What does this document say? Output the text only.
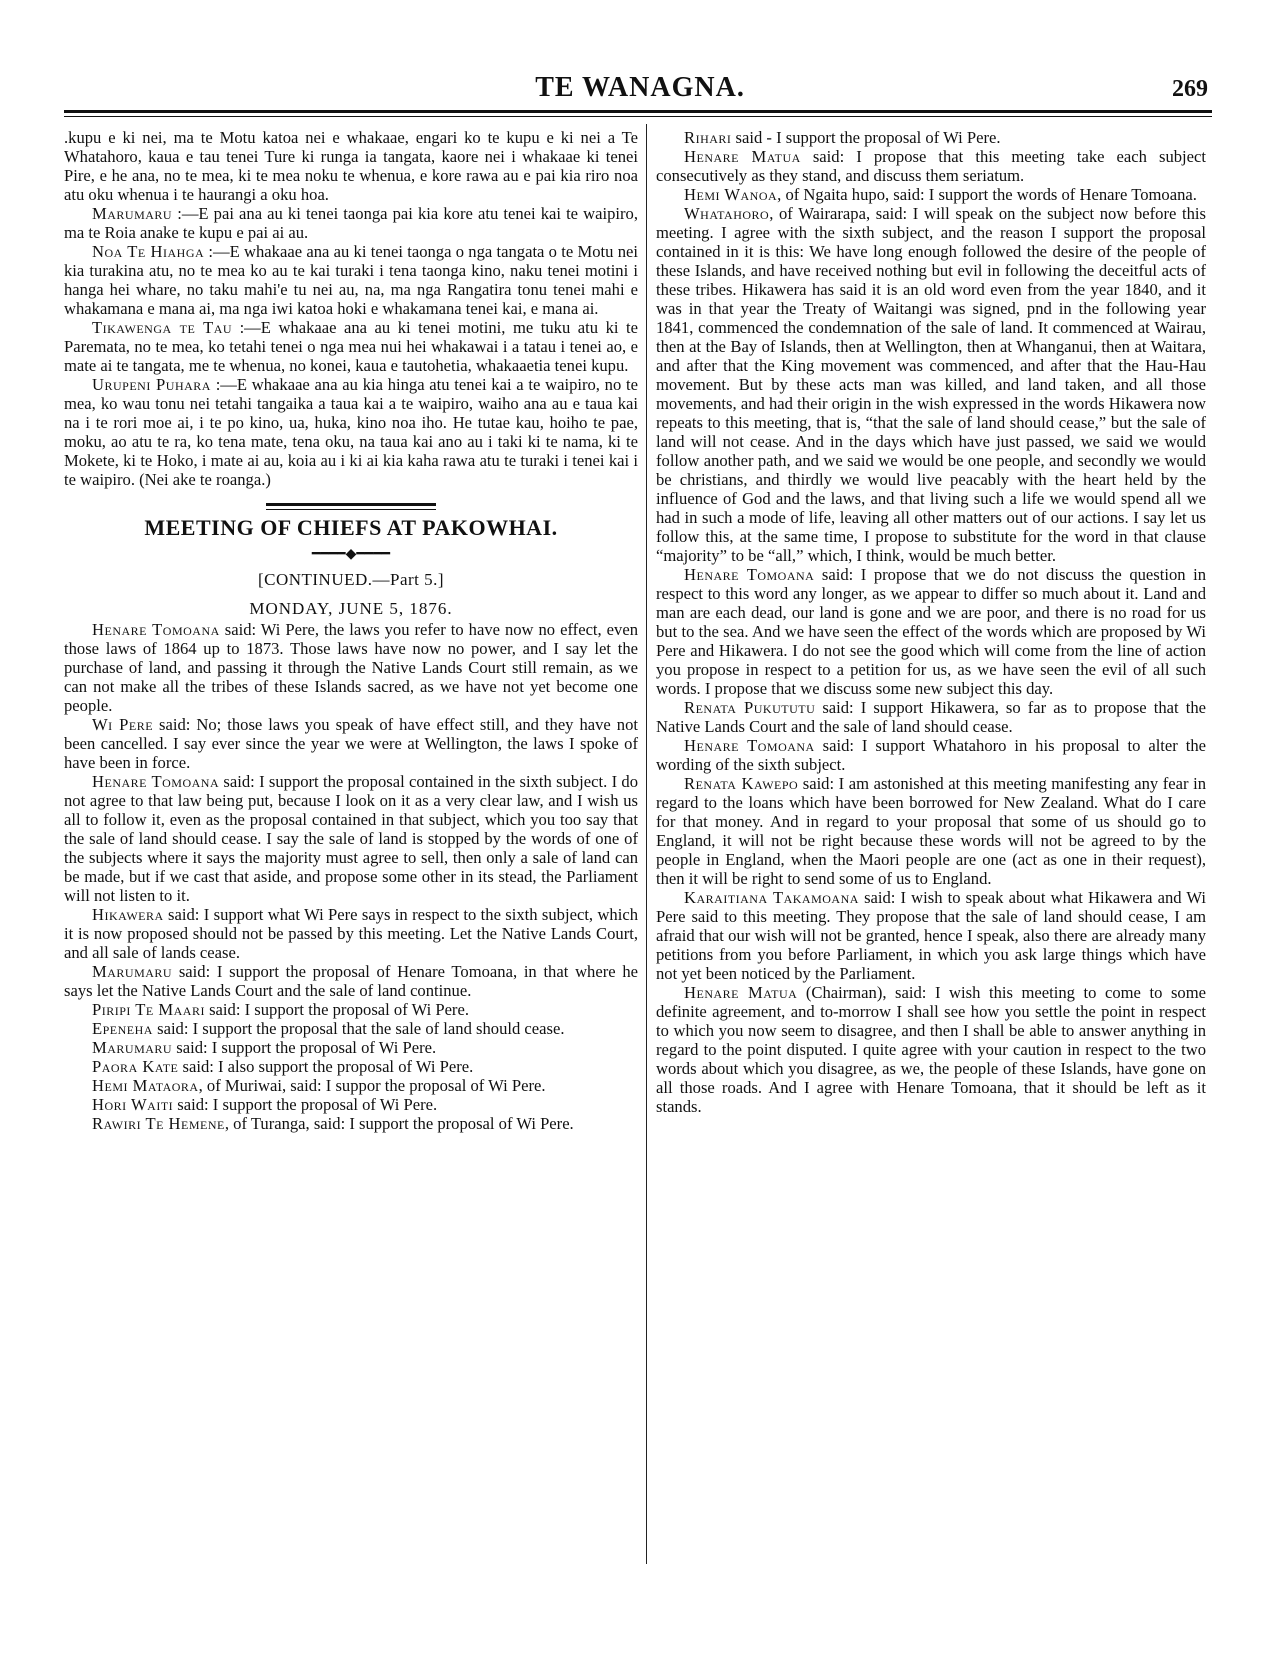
TE WANAGNA.	269

.kupu e ki nei, ma te Motu katoa nei e whakaae, engari ko te kupu e ki nei a Te Whatahoro, kaua e tau tenei Ture ki runga ia tangata, kaore nei i whakaae ki tenei Pire, e he ana, no te mea, ki te mea noku te whenua, e kore rawa au e pai kia riro noa atu oku whenua i te haurangi a oku hoa.

Marumaru :—E pai ana au ki tenei taonga pai kia kore atu tenei kai te waipiro, ma te Roia anake te kupu e pai ai au.

Noa Te Hiahga :—E whakaae ana au ki tenei taonga o nga tangata o te Motu nei kia turakina atu, no te mea ko au te kai turaki i tena taonga kino, naku tenei motini i hanga hei whare, no taku mahi'e tu nei au, na, ma nga Rangatira tonu tenei mahi e whakamana e mana ai, ma nga iwi katoa hoki e whakamana tenei kai, e mana ai.

Tikawenga te Tau :—E whakaae ana au ki tenei motini, me tuku atu ki te Paremata, no te mea, ko tetahi tenei o nga mea nui hei whakawai i a tatau i tenei ao, e mate ai te tangata, me te whenua, no konei, kaua e tautohetia, whakaaetia tenei kupu.

Urupeni Puhara :—E whakaae ana au kia hinga atu tenei kai a te waipiro, no te mea, ko wau tonu nei tetahi tangaika a taua kai a te waipiro, waiho ana au e taua kai na i te rori moe ai, i te po kino, ua, huka, kino noa iho. He tutae kau, hoiho te pae, moku, ao atu te ra, ko tena mate, tena oku, na taua kai ano au i taki ki te nama, ki te Mokete, ki te Hoko, i mate ai au, koia au i ki ai kia kaha rawa atu te turaki i tenei kai i te waipiro. (Nei ake te roanga.)

MEETING OF CHIEFS AT PAKOWHAI.
━━━━◆━━━━
[CONTINUED.—Part 5.]
MONDAY, JUNE 5, 1876.

Henare Tomoana said: Wi Pere, the laws you refer to have now no effect, even those laws of 1864 up to 1873. Those laws have now no power, and I say let the purchase of land, and passing it through the Native Lands Court still remain, as we can not make all the tribes of these Islands sacred, as we have not yet become one people.

Wi Pere said: No; those laws you speak of have effect still, and they have not been cancelled. I say ever since the year we were at Wellington, the laws I spoke of have been in force.

Henare Tomoana said: I support the proposal contained in the sixth subject. I do not agree to that law being put, because I look on it as a very clear law, and I wish us all to follow it, even as the proposal contained in that subject, which you too say that the sale of land should cease. I say the sale of land is stopped by the words of one of the subjects where it says the majority must agree to sell, then only a sale of land can be made, but if we cast that aside, and propose some other in its stead, the Parliament will not listen to it.

Hikawera said: I support what Wi Pere says in respect to the sixth subject, which it is now proposed should not be passed by this meeting. Let the Native Lands Court, and all sale of lands cease.

Marumaru said: I support the proposal of Henare Tomoana, in that where he says let the Native Lands Court and the sale of land continue.

Piripi Te Maari said: I support the proposal of Wi Pere.

Epeneha said: I support the proposal that the sale of land should cease.

Marumaru said: I support the proposal of Wi Pere.

Paora Kate said: I also support the proposal of Wi Pere.

Hemi Mataora, of Muriwai, said: I suppor the proposal of Wi Pere.

Hori Waiti said: I support the proposal of Wi Pere.

Rawiri Te Hemene, of Turanga, said: I support the proposal of Wi Pere.

Rihari said - I support the proposal of Wi Pere.

Henare Matua said: I propose that this meeting take each subject consecutively as they stand, and discuss them seriatum.

Hemi Wanoa, of Ngaita hupo, said: I support the words of Henare Tomoana.

Whatahoro, of Wairarapa, said: I will speak on the subject now before this meeting. I agree with the sixth subject, and the reason I support the proposal contained in it is this: We have long enough followed the desire of the people of these Islands, and have received nothing but evil in following the deceitful acts of these tribes. Hikawera has said it is an old word even from the year 1840, and it was in that year the Treaty of Waitangi was signed, pnd in the following year 1841, commenced the condemnation of the sale of land. It commenced at Wairau, then at the Bay of Islands, then at Wellington, then at Whanganui, then at Waitara, and after that the King movement was commenced, and after that the Hau-Hau movement. But by these acts man was killed, and land taken, and all those movements, and had their origin in the wish expressed in the words Hikawera now repeats to this meeting, that is, “that the sale of land should cease,” but the sale of land will not cease. And in the days which have just passed, we said we would follow another path, and we said we would be one people, and secondly we would be christians, and thirdly we would live peacably with the heart held by the influence of God and the laws, and that living such a life we would spend all we had in such a mode of life, leaving all other matters out of our actions. I say let us follow this, at the same time, I propose to substitute for the word in that clause “majority” to be “all,” which, I think, would be much better.

Henare Tomoana said: I propose that we do not discuss the question in respect to this word any longer, as we appear to differ so much about it. Land and man are each dead, our land is gone and we are poor, and there is no road for us but to the sea. And we have seen the effect of the words which are proposed by Wi Pere and Hikawera. I do not see the good which will come from the line of action you propose in respect to a petition for us, as we have seen the evil of all such words. I propose that we discuss some new subject this day.

Renata Pukututu said: I support Hikawera, so far as to propose that the Native Lands Court and the sale of land should cease.

Henare Tomoana said: I support Whatahoro in his proposal to alter the wording of the sixth subject.

Renata Kawepo said: I am astonished at this meeting manifesting any fear in regard to the loans which have been borrowed for New Zealand. What do I care for that money. And in regard to your proposal that some of us should go to England, it will not be right because these words will not be agreed to by the people in England, when the Maori people are one (act as one in their request), then it will be right to send some of us to England.

Karaitiana Takamoana said: I wish to speak about what Hikawera and Wi Pere said to this meeting. They propose that the sale of land should cease, I am afraid that our wish will not be granted, hence I speak, also there are already many petitions from you before Parliament, in which you ask large things which have not yet been noticed by the Parliament.

Henare Matua (Chairman), said: I wish this meeting to come to some definite agreement, and to-morrow I shall see how you settle the point in respect to which you now seem to disagree, and then I shall be able to answer anything in regard to the point disputed. I quite agree with your caution in respect to the two words about which you disagree, as we, the people of these Islands, have gone on all those roads. And I agree with Henare Tomoana, that it should be left as it stands.
